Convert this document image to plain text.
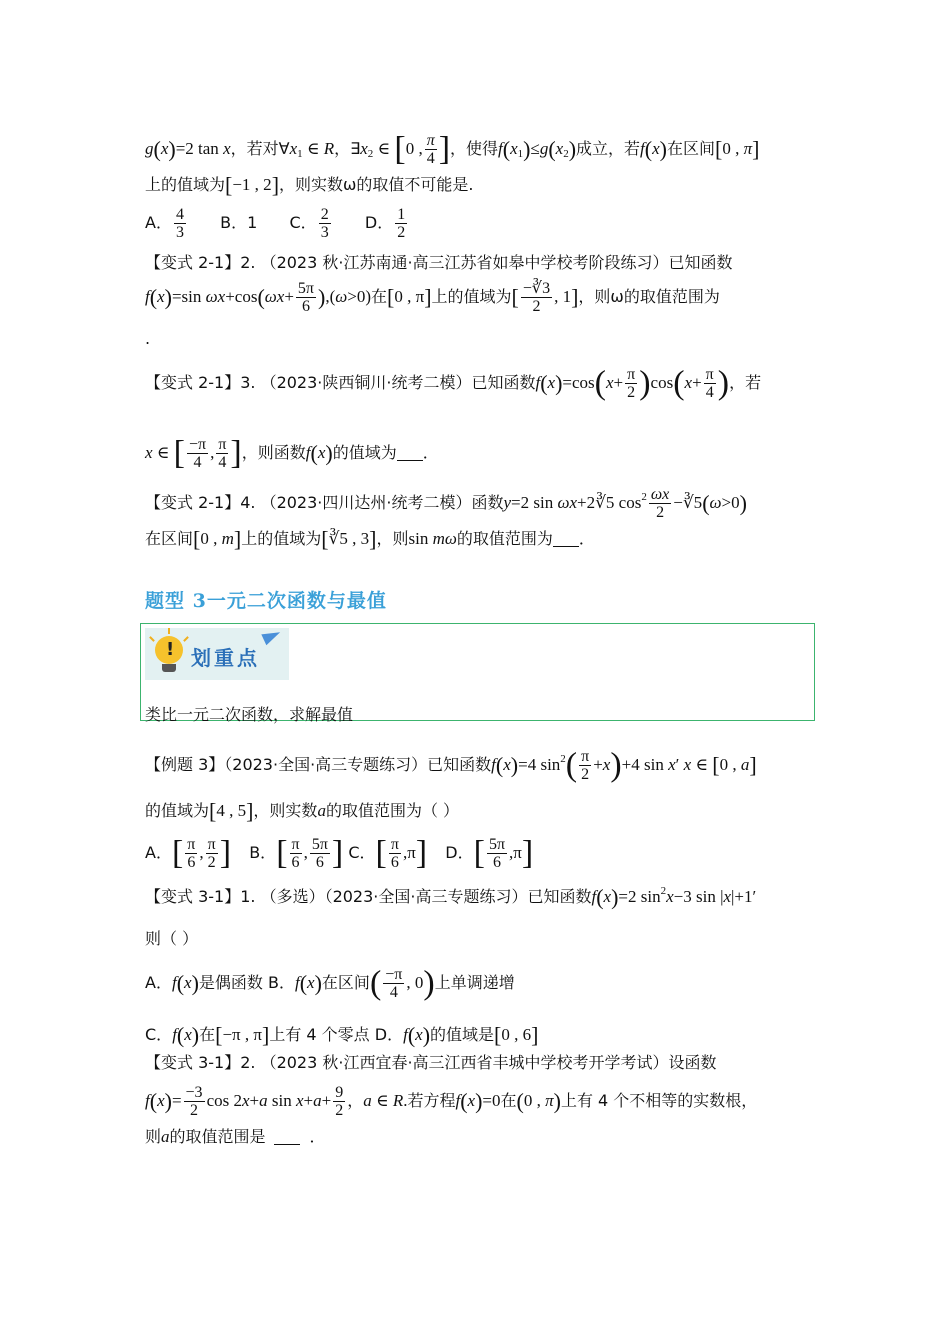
g(x)=2 tan x，若对$\forall x_1$ ∈ R，$\exists x_2$ ∈ [0 , $\frac{\pi}{4}$ ]，使得$f(x_1)\le g(x_2)$成立，若f(x)在区间[0 , π]
上的值域为[−1 , 2]，则实数ω的取值不可能是.
A． $\frac{4}{3}$ B．1 C． $\frac{2}{3}$ D． $\frac{1}{2}$
【变式 2-1】2. （2023 秋·江苏南通·高三江苏省如皋中学校考阶段练习）已知函数
f(x)=sin $\omega x+\cos(\omega x+ \frac{5\pi}{6} ),(\omega>0)$在[0 , π]上的值域为[ $\frac{-∛3}{2}$ , 1]，则ω的取值范围为
.
【变式 2-1】3. （2023·陕西铜川·统考二模）已知函数$f(x)=\cos(x+ \frac{\pi}{2} )\cos(x+ \frac{\pi}{4}$ )，若
x ∈ [ $\frac{-\pi}{4}$ , $\frac{\pi}{4}$ ]，则函数f(x)的值域为 ．
【变式 2-1】4. （2023·四川达州·统考二模）函数y=2 sin ωx+2∛5 $\cos^2 \frac{\omega x}{2}$ −∛5(ω>0)
在区间[0 , m]上的值域为[∛5 , 3]，则sin mω的取值范围为 ．
题型 3一元二次函数与最值
! 划重点
类比一元二次函数，求解最值
【例题 3】（2023·全国·高三专题练习）已知函数f(x)=4 $\sin^2( \frac{\pi}{2} +x)+4$ sin x′ x ∈ [0 , a]
的值域为[4 , 5]，则实数a的取值范围为（ ）
A．[ $\frac{\pi}{6}$ , $\frac{\pi}{2}$ ] B．[ $\frac{\pi}{6}$ , $\frac{5\pi}{6}$ ] C．[ $\frac{\pi}{6} ,\pi$] D．[ $\frac{5\pi}{6} ,\pi$]
【变式 3-1】1. （多选）（2023·全国·高三专题练习）已知函数f(x)=2 $\sin^2x-3$ sin |x|+1′
则（ ）
A．f(x)是偶函数 B．f(x)在区间( $\frac{-\pi}{4}$ , 0)上单调递增
C．f(x)在[−π , π]上有 4 个零点 D．f(x)的值域是[0 , 6]
【变式 3-1】2. （2023 秋·江西宜春·高三江西省丰城中学校考开学考试）设函数
$f(x)= \frac{-3}{2}$ cos 2x+a $\sin x+a+ \frac{9}{2}$ ，a ∈ R.若方程f(x)=0在(0 , π)上有 4 个不相等的实数根，
则a的取值范围是	．
